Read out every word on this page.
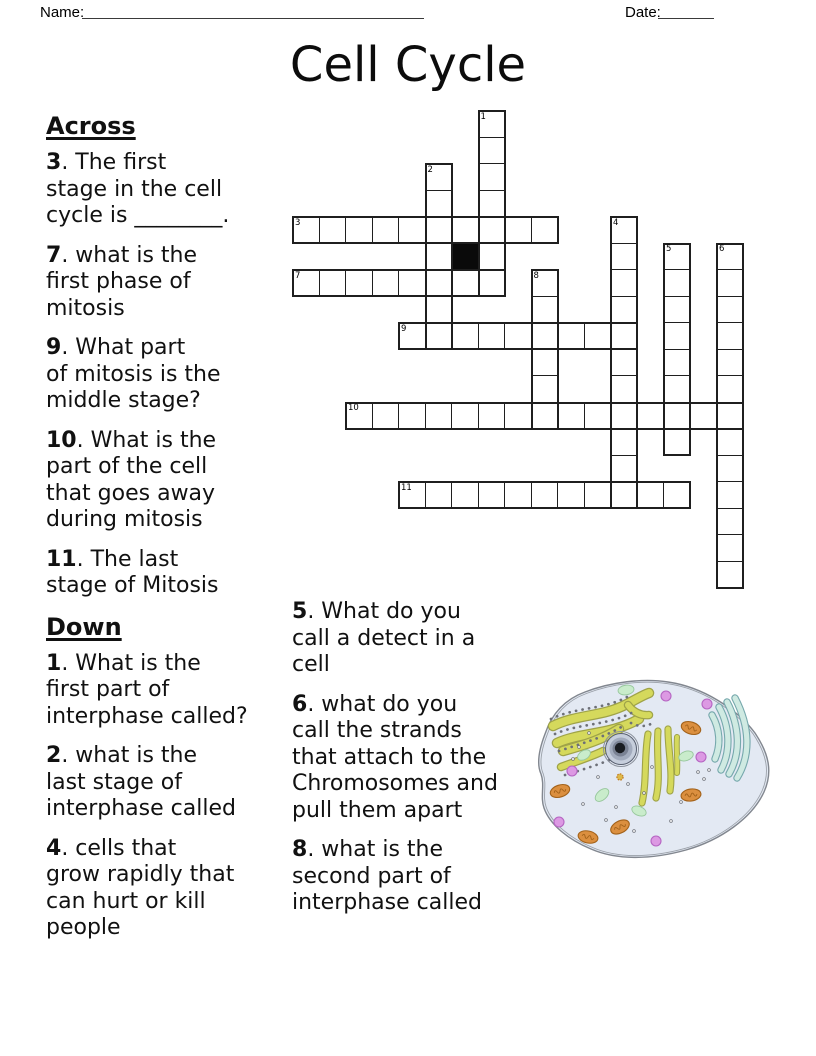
Name:	Date:
Cell Cycle
Across

3. The first
stage in the cell
cycle is ________.

7. what is the
first phase of
mitosis

9. What part
of mitosis is the
middle stage?

10. What is the
part of the cell
that goes away
during mitosis

11. The last
stage of Mitosis

Down

1. What is the
first part of
interphase called?

2. what is the
last stage of
interphase called

4. cells that
grow rapidly that
can hurt or kill
people

5. What do you
call a detect in a
cell

6. what do you
call the strands
that attach to the
Chromosomes and
pull them apart

8. what is the
second part of
interphase called

3
7
9
10
11
1
2
4
5	6
8
